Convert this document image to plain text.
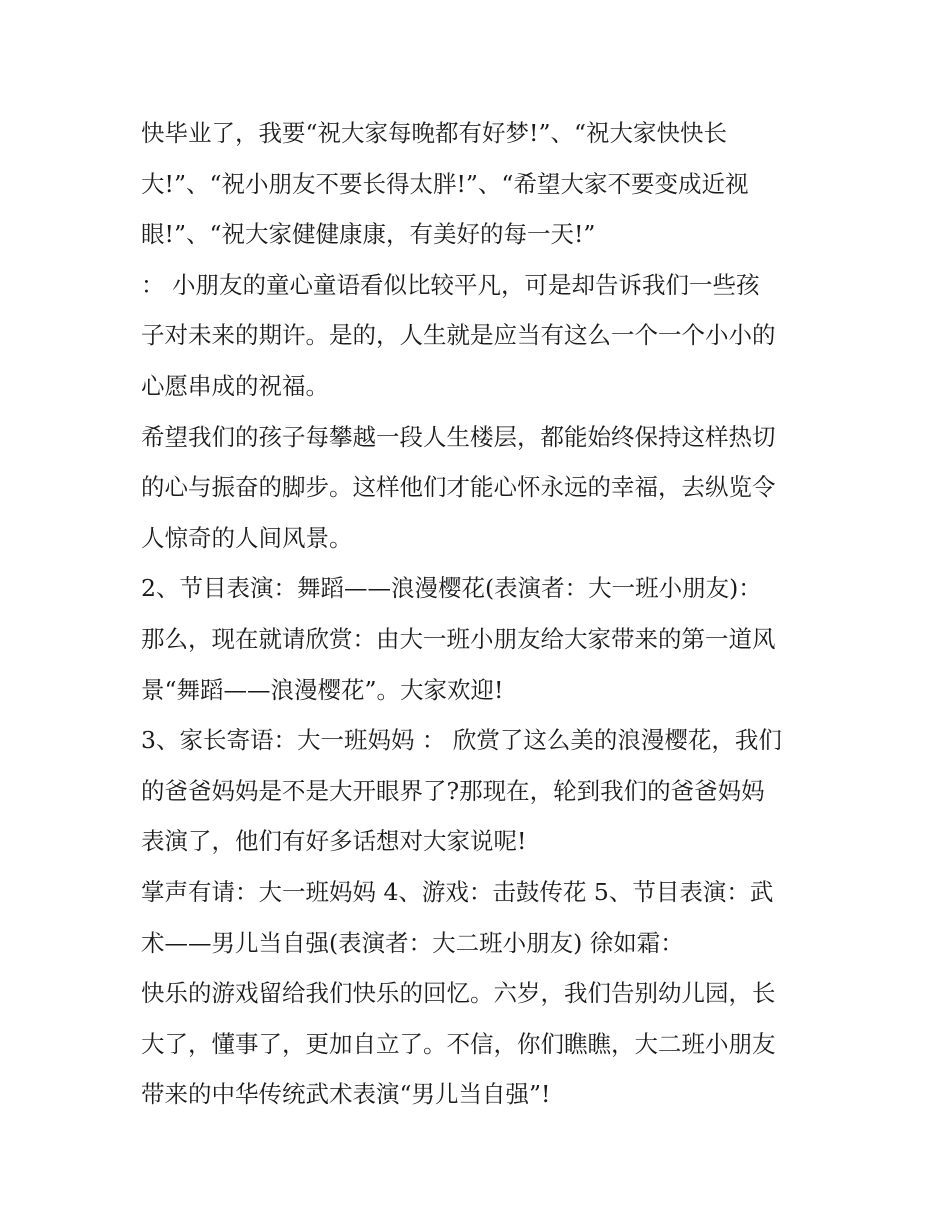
快毕业了，我要“祝大家每晚都有好梦!”、“祝大家快快长
大!”、“祝小朋友不要长得太胖!”、“希望大家不要变成近视
眼!”、“祝大家健健康康，有美好的每一天!”
： 小朋友的童心童语看似比较平凡，可是却告诉我们一些孩
子对未来的期许。是的，人生就是应当有这么一个一个小小的
心愿串成的祝福。
希望我们的孩子每攀越一段人生楼层，都能始终保持这样热切
的心与振奋的脚步。这样他们才能心怀永远的幸福，去纵览令
人惊奇的人间风景。
2、节目表演：舞蹈——浪漫樱花(表演者：大一班小朋友)：
那么，现在就请欣赏：由大一班小朋友给大家带来的第一道风
景“舞蹈——浪漫樱花”。大家欢迎!
3、家长寄语：大一班妈妈 ： 欣赏了这么美的浪漫樱花，我们
的爸爸妈妈是不是大开眼界了?那现在，轮到我们的爸爸妈妈
表演了，他们有好多话想对大家说呢!
掌声有请：大一班妈妈 4、游戏：击鼓传花 5、节目表演：武
术——男儿当自强(表演者：大二班小朋友) 徐如霜：
快乐的游戏留给我们快乐的回忆。六岁，我们告别幼儿园，长
大了，懂事了，更加自立了。不信，你们瞧瞧，大二班小朋友
带来的中华传统武术表演“男儿当自强”!
